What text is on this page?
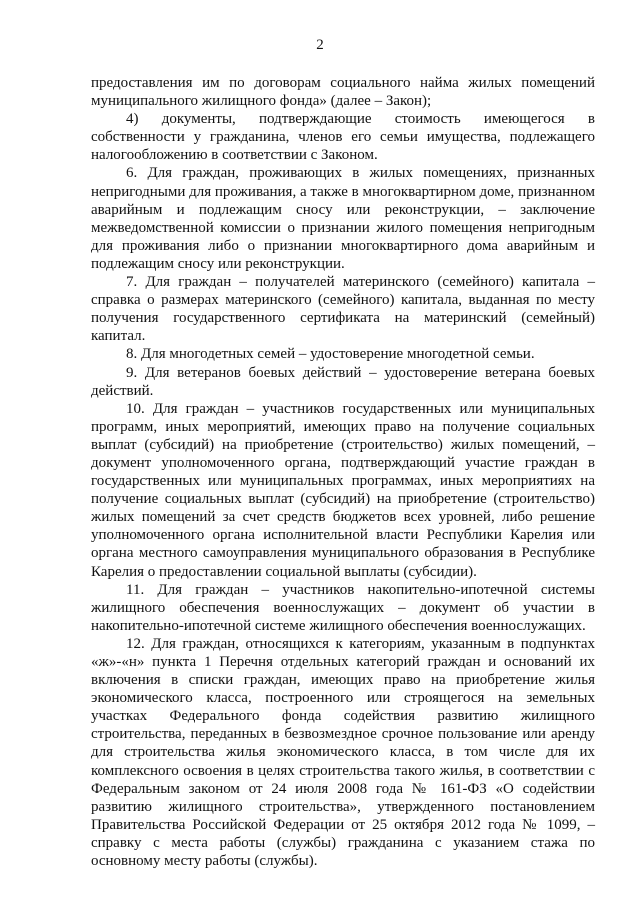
2

предоставления им по договорам социального найма жилых помещений муниципального жилищного фонда» (далее – Закон);

4) документы, подтверждающие стоимость имеющегося в собственности у гражданина, членов его семьи имущества, подлежащего налогообложению в соответствии с Законом.

6. Для граждан, проживающих в жилых помещениях, признанных непригодными для проживания, а также в многоквартирном доме, признанном аварийным и подлежащим сносу или реконструкции, – заключение межведомственной комиссии о признании жилого помещения непригодным для проживания либо о признании многоквартирного дома аварийным и подлежащим сносу или реконструкции.

7. Для граждан – получателей материнского (семейного) капитала – справка о размерах материнского (семейного) капитала, выданная по месту получения государственного сертификата на материнский (семейный) капитал.

8. Для многодетных семей – удостоверение многодетной семьи.

9. Для ветеранов боевых действий – удостоверение ветерана боевых действий.

10. Для граждан – участников государственных или муниципальных программ, иных мероприятий, имеющих право на получение социальных выплат (субсидий) на приобретение (строительство) жилых помещений, – документ уполномоченного органа, подтверждающий участие граждан в государственных или муниципальных программах, иных мероприятиях на получение социальных выплат (субсидий) на приобретение (строительство) жилых помещений за счет средств бюджетов всех уровней, либо решение уполномоченного органа исполнительной власти Республики Карелия или органа местного самоуправления муниципального образования в Республике Карелия о предоставлении социальной выплаты (субсидии).

11. Для граждан – участников накопительно-ипотечной системы жилищного обеспечения военнослужащих – документ об участии в накопительно-ипотечной системе жилищного обеспечения военнослужащих.

12. Для граждан, относящихся к категориям, указанным в подпунктах «ж»-«н» пункта 1 Перечня отдельных категорий граждан и оснований их включения в списки граждан, имеющих право на приобретение жилья экономического класса, построенного или строящегося на земельных участках Федерального фонда содействия развитию жилищного строительства, переданных в безвозмездное срочное пользование или аренду для строительства жилья экономического класса, в том числе для их комплексного освоения в целях строительства такого жилья, в соответствии с Федеральным законом от 24 июля 2008 года № 161-ФЗ «О содействии развитию жилищного строительства», утвержденного постановлением Правительства Российской Федерации от 25 октября 2012 года № 1099, – справку с места работы (службы) гражданина с указанием стажа по основному месту работы (службы).
